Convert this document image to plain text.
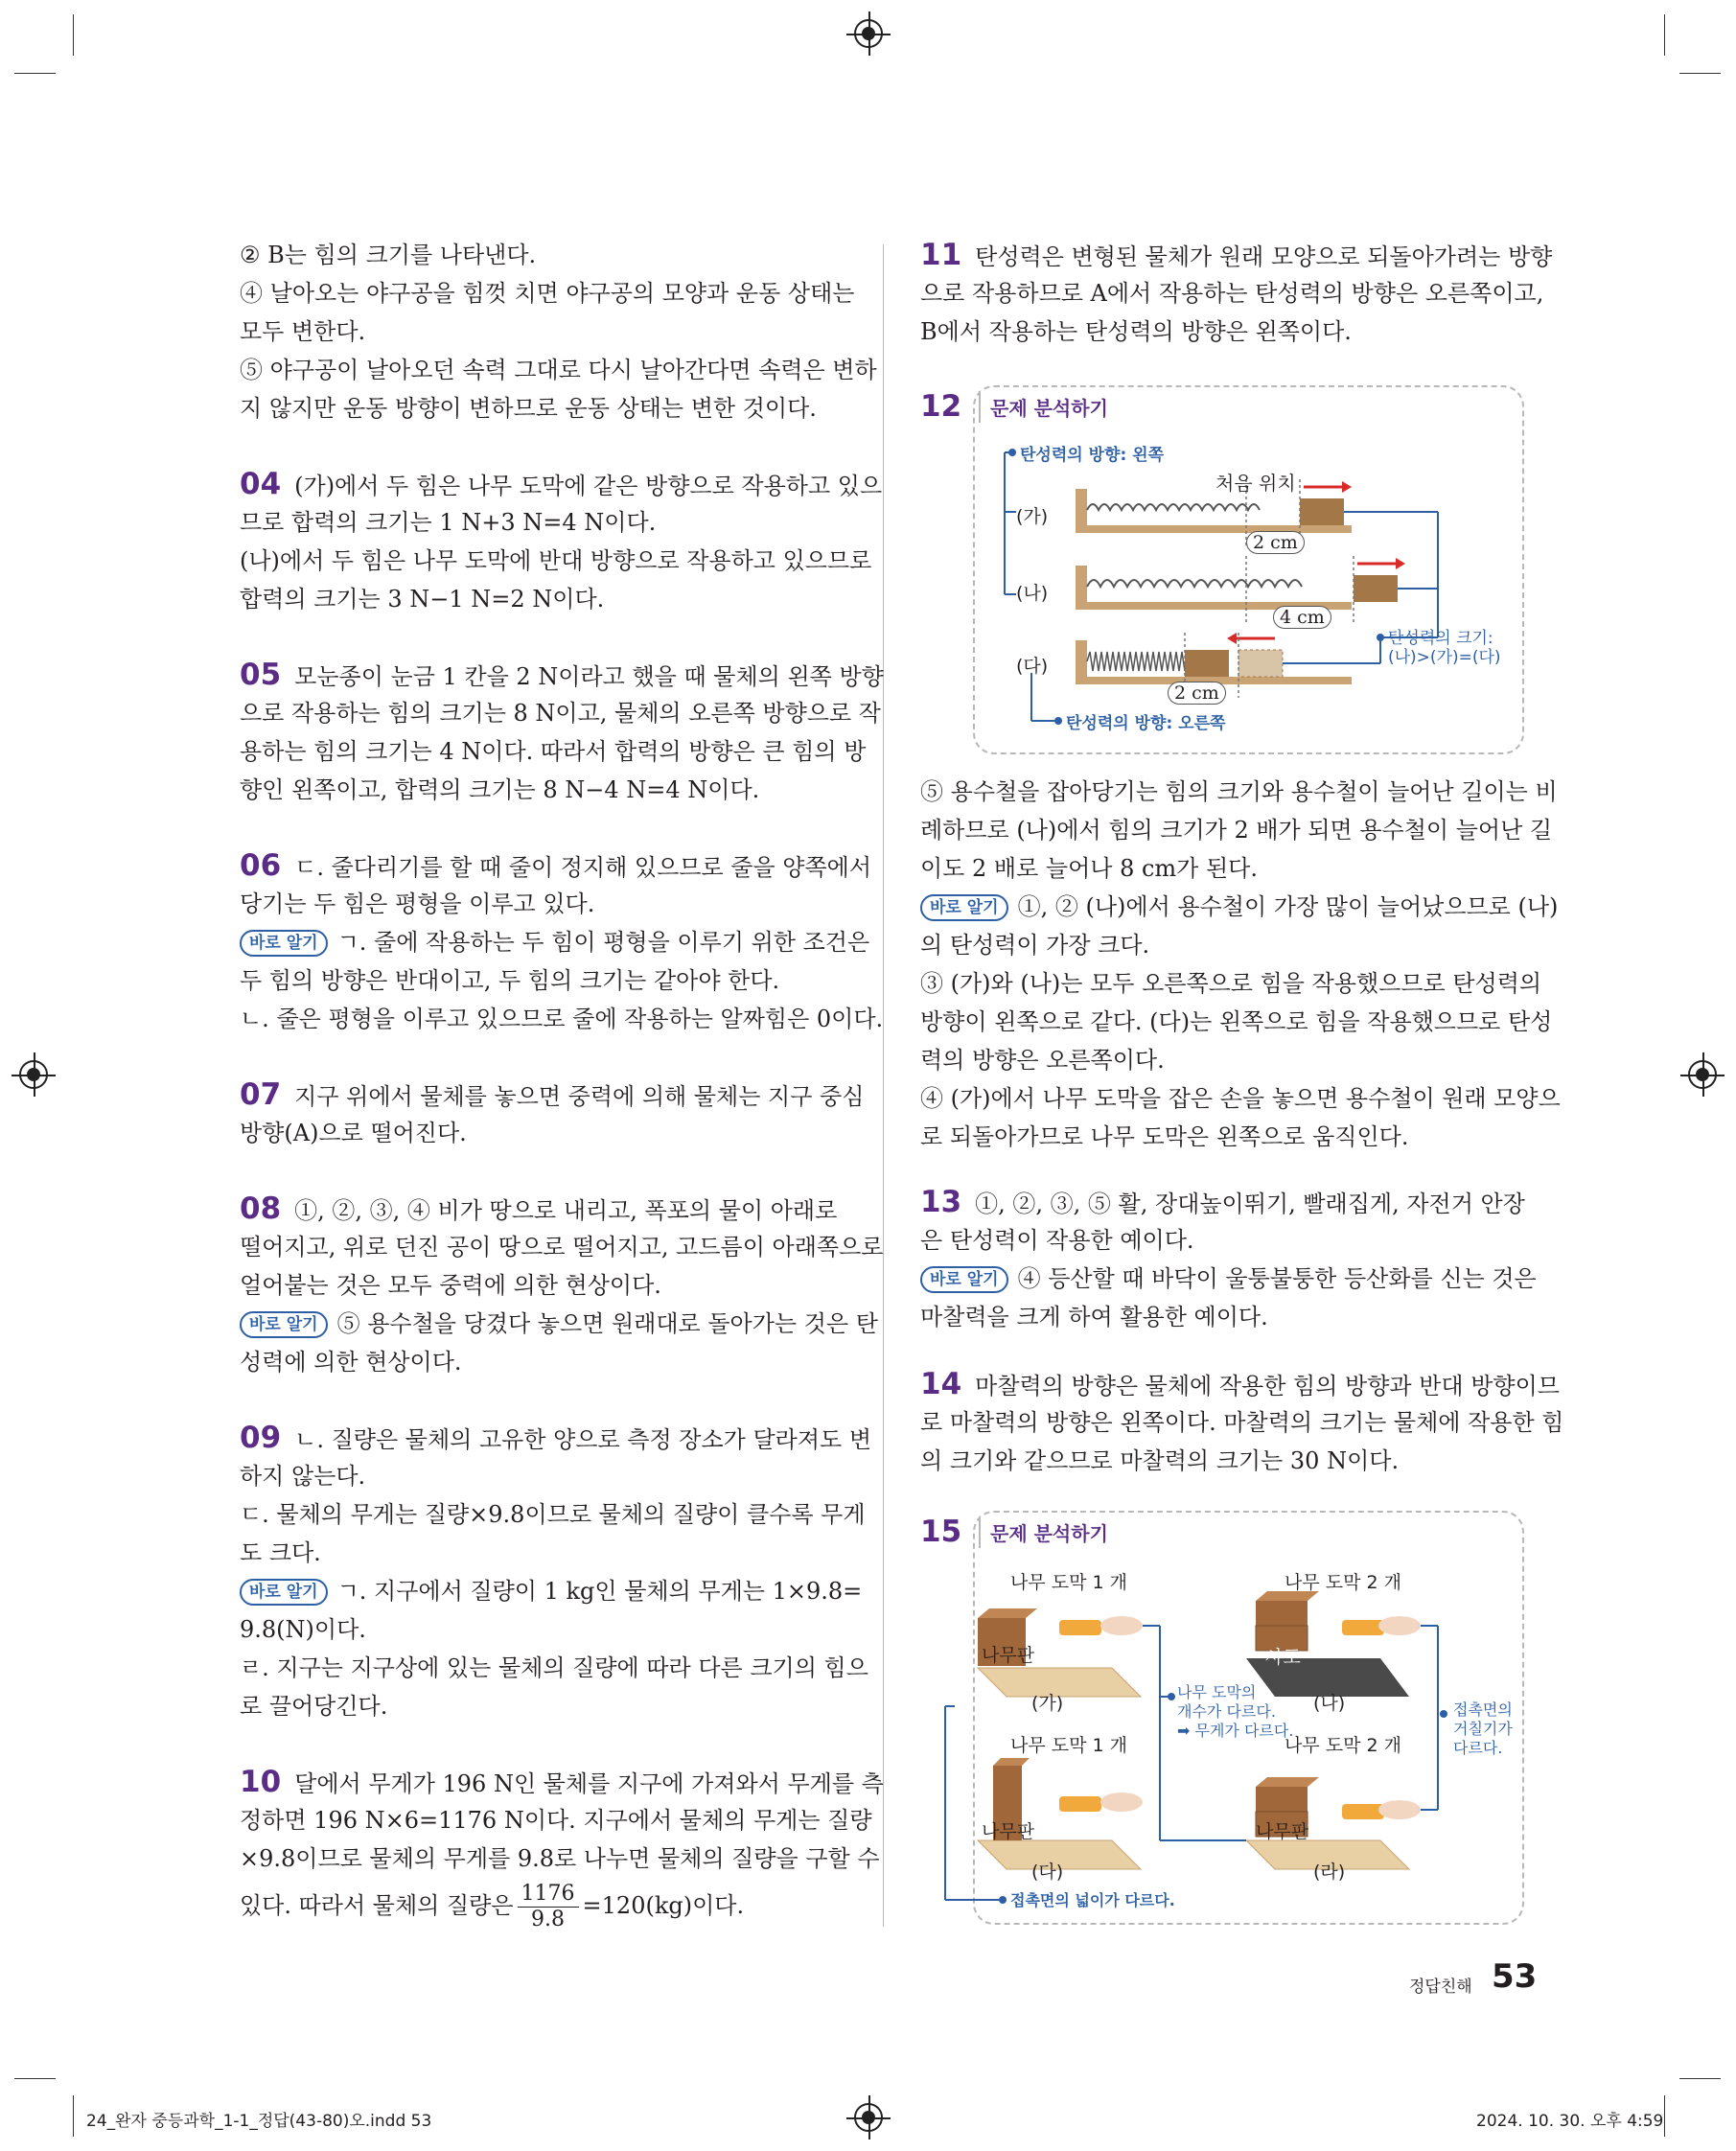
② B는 힘의 크기를 나타낸다.
④ 날아오는 야구공을 힘껏 치면 야구공의 모양과 운동 상태는
모두 변한다.
⑤ 야구공이 날아오던 속력 그대로 다시 날아간다면 속력은 변하
지 않지만 운동 방향이 변하므로 운동 상태는 변한 것이다.
04 (가)에서 두 힘은 나무 도막에 같은 방향으로 작용하고 있으
므로 합력의 크기는 1 N+3 N=4 N이다.
(나)에서 두 힘은 나무 도막에 반대 방향으로 작용하고 있으므로
합력의 크기는 3 N−1 N=2 N이다.
05 모눈종이 눈금 1 칸을 2 N이라고 했을 때 물체의 왼쪽 방향
으로 작용하는 힘의 크기는 8 N이고, 물체의 오른쪽 방향으로 작
용하는 힘의 크기는 4 N이다. 따라서 합력의 방향은 큰 힘의 방
향인 왼쪽이고, 합력의 크기는 8 N−4 N=4 N이다.
06 ㄷ. 줄다리기를 할 때 줄이 정지해 있으므로 줄을 양쪽에서
당기는 두 힘은 평형을 이루고 있다.
바로 알기 ㄱ. 줄에 작용하는 두 힘이 평형을 이루기 위한 조건은
두 힘의 방향은 반대이고, 두 힘의 크기는 같아야 한다.
ㄴ. 줄은 평형을 이루고 있으므로 줄에 작용하는 알짜힘은 0이다.
07 지구 위에서 물체를 놓으면 중력에 의해 물체는 지구 중심
방향(A)으로 떨어진다.
08 ①, ②, ③, ④ 비가 땅으로 내리고, 폭포의 물이 아래로
떨어지고, 위로 던진 공이 땅으로 떨어지고, 고드름이 아래쪽으로
얼어붙는 것은 모두 중력에 의한 현상이다.
바로 알기 ⑤ 용수철을 당겼다 놓으면 원래대로 돌아가는 것은 탄
성력에 의한 현상이다.
09 ㄴ. 질량은 물체의 고유한 양으로 측정 장소가 달라져도 변
하지 않는다.
ㄷ. 물체의 무게는 질량×9.8이므로 물체의 질량이 클수록 무게
도 크다.
바로 알기 ㄱ. 지구에서 질량이 1 kg인 물체의 무게는 1×9.8=
9.8(N)이다.
ㄹ. 지구는 지구상에 있는 물체의 질량에 따라 다른 크기의 힘으
로 끌어당긴다.
10 달에서 무게가 196 N인 물체를 지구에 가져와서 무게를 측
정하면 196 N×6=1176 N이다. 지구에서 물체의 무게는 질량
×9.8이므로 물체의 무게를 9.8로 나누면 물체의 질량을 구할 수
있다. 따라서 물체의 질량은 $\frac{1176}{9.8} =120(kg)$이다.
11 탄성력은 변형된 물체가 원래 모양으로 되돌아가려는 방향
으로 작용하므로 A에서 작용하는 탄성력의 방향은 오른쪽이고,
B에서 작용하는 탄성력의 방향은 왼쪽이다.
12	문제 분석하기
탄성력의 방향: 왼쪽
처음 위치
(가)
(나)
(다)
2 cm
4 cm
2 cm
탄성력의 크기:
(나)>(가)=(다)
탄성력의 방향: 오른쪽
⑤ 용수철을 잡아당기는 힘의 크기와 용수철이 늘어난 길이는 비
례하므로 (나)에서 힘의 크기가 2 배가 되면 용수철이 늘어난 길
이도 2 배로 늘어나 8 cm가 된다.
바로 알기 ①, ② (나)에서 용수철이 가장 많이 늘어났으므로 (나)
의 탄성력이 가장 크다.
③ (가)와 (나)는 모두 오른쪽으로 힘을 작용했으므로 탄성력의
방향이 왼쪽으로 같다. (다)는 왼쪽으로 힘을 작용했으므로 탄성
력의 방향은 오른쪽이다.
④ (가)에서 나무 도막을 잡은 손을 놓으면 용수철이 원래 모양으
로 되돌아가므로 나무 도막은 왼쪽으로 움직인다.
13 ①, ②, ③, ⑤ 활, 장대높이뛰기, 빨래집게, 자전거 안장
은 탄성력이 작용한 예이다.
바로 알기 ④ 등산할 때 바닥이 울퉁불퉁한 등산화를 신는 것은
마찰력을 크게 하여 활용한 예이다.
14 마찰력의 방향은 물체에 작용한 힘의 방향과 반대 방향이므
로 마찰력의 방향은 왼쪽이다. 마찰력의 크기는 물체에 작용한 힘
의 크기와 같으므로 마찰력의 크기는 30 N이다.
15	문제 분석하기
나무 도막 1 개	나무 도막 2 개
나무 도막 1 개	나무 도막 2 개
나무판	사포
나무판	나무판
(가)	(나)
(다)	(라)
나무 도막의
개수가 다르다.
➡ 무게가 다르다.
접촉면의
거칠기가
다르다.
접촉면의 넓이가 다르다.
정답친해 53
24_완자 중등과학_1-1_정답(43-80)오.indd 53	2024. 10. 30. 오후 4:59
